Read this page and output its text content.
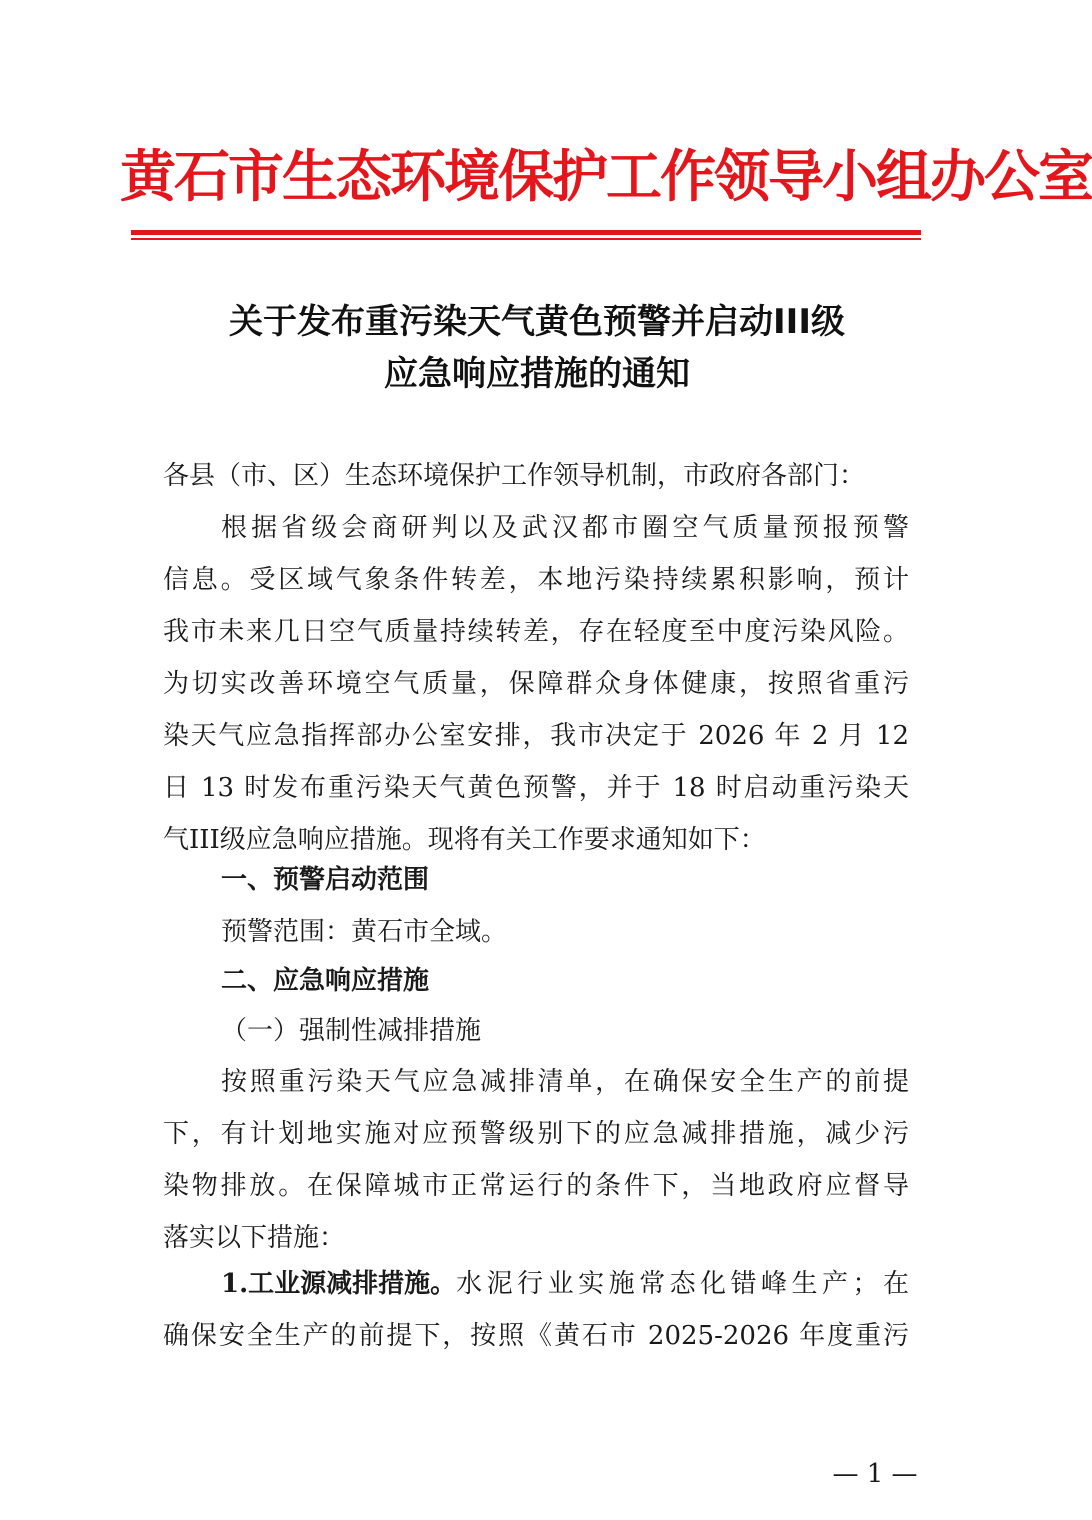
黄石市生态环境保护工作领导小组办公室
关于发布重污染天气黄色预警并启动III级
应急响应措施的通知
各县（市、区）生态环境保护工作领导机制，市政府各部门：
根据省级会商研判以及武汉都市圈空气质量预报预警
信息。受区域气象条件转差，本地污染持续累积影响，预计
我市未来几日空气质量持续转差，存在轻度至中度污染风险。
为切实改善环境空气质量，保障群众身体健康，按照省重污
染天气应急指挥部办公室安排，我市决定于 2026 年 2 月 12
日 13 时发布重污染天气黄色预警，并于 18 时启动重污染天
气III级应急响应措施。现将有关工作要求通知如下：
一、预警启动范围
预警范围：黄石市全域。
二、应急响应措施
（一）强制性减排措施
按照重污染天气应急减排清单，在确保安全生产的前提
下，有计划地实施对应预警级别下的应急减排措施，减少污
染物排放。在保障城市正常运行的条件下，当地政府应督导
落实以下措施：
1.工业源减排措施。 水泥行业实施常态化错峰生产；在
确保安全生产的前提下，按照《黄石市 2025-2026 年度重污
— 1 —
